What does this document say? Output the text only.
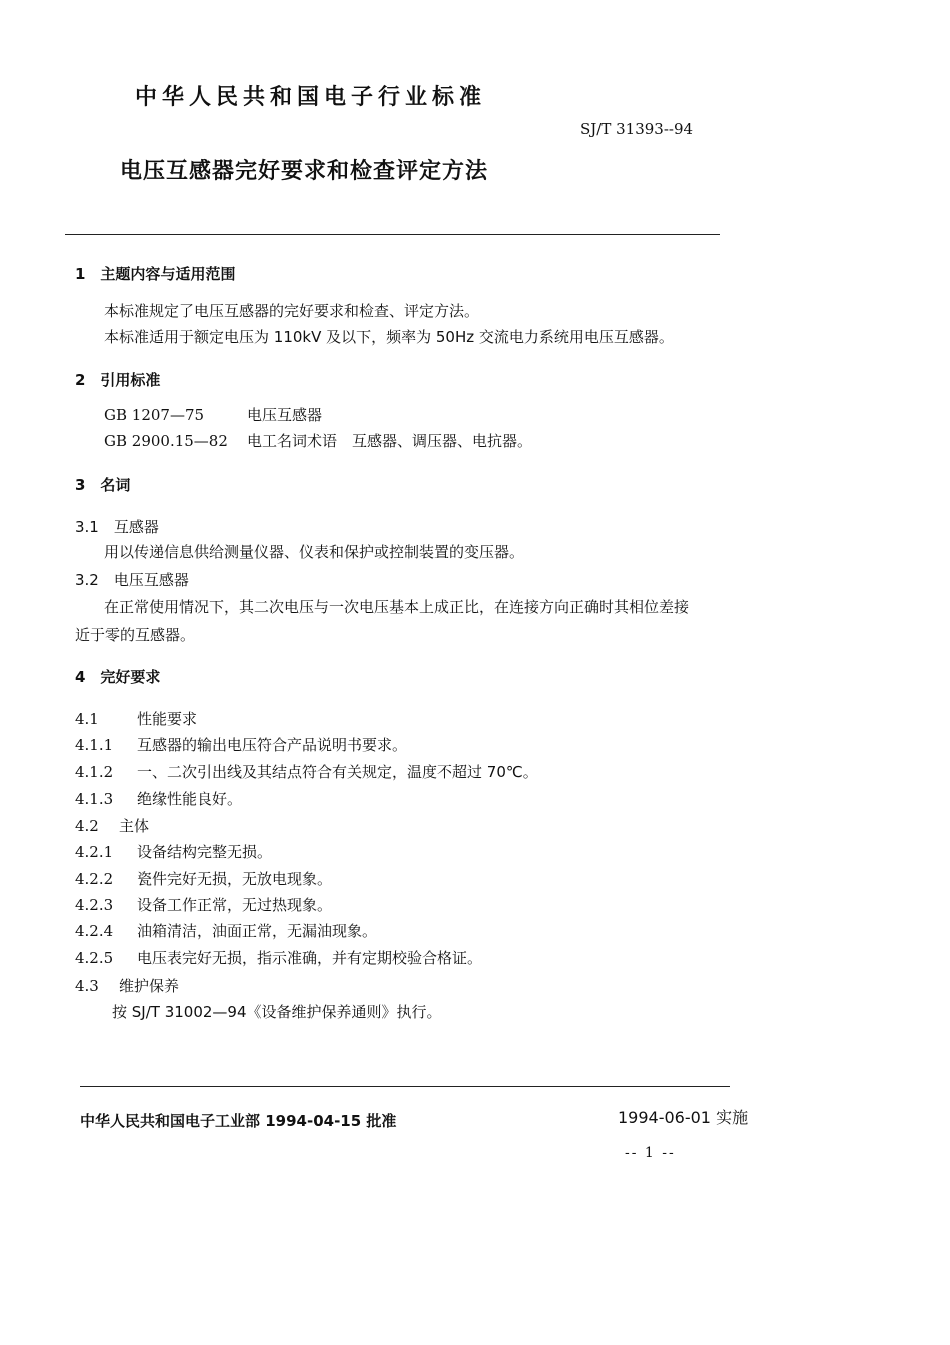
中华人民共和国电子行业标准
SJ/T 31393--94
电压互感器完好要求和检查评定方法
1　主题内容与适用范围
本标准规定了电压互感器的完好要求和检查、评定方法。
本标准适用于额定电压为 110kV 及以下，频率为 50Hz 交流电力系统用电压互感器。
2　引用标准
GB 1207—75	电压互感器
GB 2900.15—82 电工名词术语　互感器、调压器、电抗器。
3　名词
3.1　互感器
用以传递信息供给测量仪器、仪表和保护或控制装置的变压器。
3.2　电压互感器
在正常使用情况下，其二次电压与一次电压基本上成正比，在连接方向正确时其相位差接
近于零的互感器。
4　完好要求
4.1	性能要求
4.1.1 互感器的输出电压符合产品说明书要求。
4.1.2 一、二次引出线及其结点符合有关规定，温度不超过 70℃。
4.1.3 绝缘性能良好。
4.2 主体
4.2.1 设备结构完整无损。
4.2.2 瓷件完好无损，无放电现象。
4.2.3 设备工作正常，无过热现象。
4.2.4 油箱清洁，油面正常，无漏油现象。
4.2.5 电压表完好无损，指示准确，并有定期校验合格证。
4.3 维护保养
按 SJ/T 31002—94《设备维护保养通则》执行。
中华人民共和国电子工业部 1994-04-15 批准	1994-06-01 实施
-- 1 --
